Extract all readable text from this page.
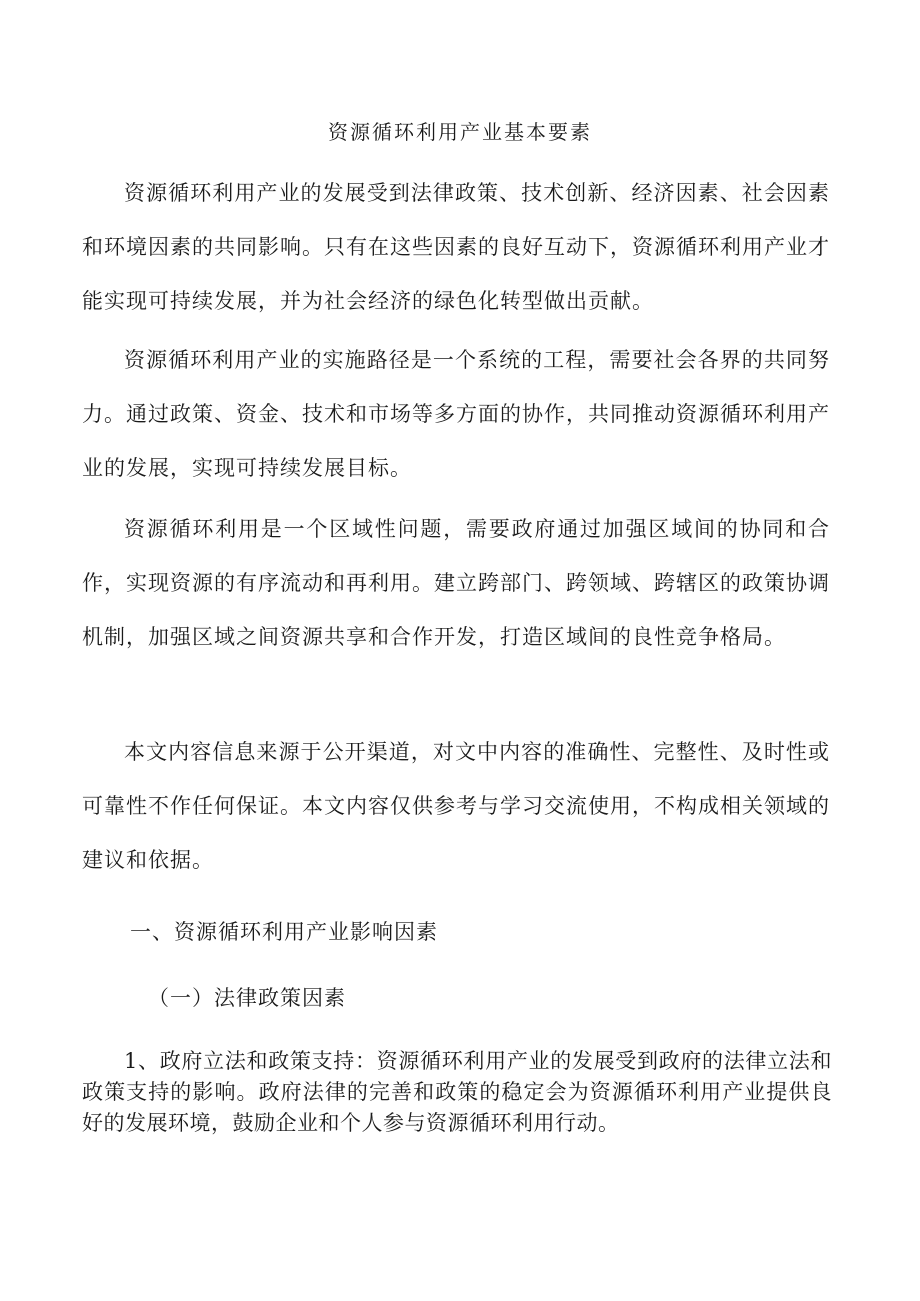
资源循环利用产业基本要素

资源循环利用产业的发展受到法律政策、技术创新、经济因素、社会因素和环境因素的共同影响。只有在这些因素的良好互动下，资源循环利用产业才能实现可持续发展，并为社会经济的绿色化转型做出贡献。

资源循环利用产业的实施路径是一个系统的工程，需要社会各界的共同努力。通过政策、资金、技术和市场等多方面的协作，共同推动资源循环利用产业的发展，实现可持续发展目标。

资源循环利用是一个区域性问题，需要政府通过加强区域间的协同和合作，实现资源的有序流动和再利用。建立跨部门、跨领域、跨辖区的政策协调机制，加强区域之间资源共享和合作开发，打造区域间的良性竞争格局。

本文内容信息来源于公开渠道，对文中内容的准确性、完整性、及时性或可靠性不作任何保证。本文内容仅供参考与学习交流使用，不构成相关领域的建议和依据。

一、资源循环利用产业影响因素
（一）法律政策因素

1、政府立法和政策支持：资源循环利用产业的发展受到政府的法律立法和政策支持的影响。政府法律的完善和政策的稳定会为资源循环利用产业提供良好的发展环境，鼓励企业和个人参与资源循环利用行动。
